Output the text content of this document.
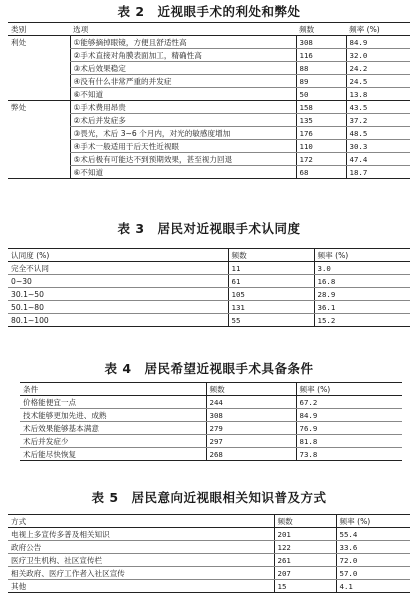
表 2　近视眼手术的利处和弊处
类别	选项	频数	频率 (%)
利处	①能够摘掉眼镜，方便且舒适性高	308	84.9
	②手术直接对角膜表面加工，精确性高	116	32.0
	③术后效果稳定	88	24.2
	④没有什么非常严重的并发症	89	24.5
	⑥不知道	50	13.8
弊处	①手术费用昂贵	158	43.5
	②术后并发症多	135	37.2
	③畏光，术后 3~6 个月内，对光的敏感度增加	176	48.5
	④手术一般适用于后天性近视眼	110	30.3
	⑤术后极有可能达不到预期效果，甚至视力回退	172	47.4
	⑥不知道	68	18.7
表 3　居民对近视眼手术认同度
认同度 (%)	频数	频率 (%)
完全不认同	11	3.0
0~30	61	16.8
30.1~50	105	28.9
50.1~80	131	36.1
80.1~100	55	15.2
表 4　居民希望近视眼手术具备条件
条件	频数	频率 (%)
价格能便宜一点	244	67.2
技术能够更加先进、成熟	308	84.9
术后效果能够基本满意	279	76.9
术后并发症少	297	81.8
术后能尽快恢复	268	73.8
表 5　居民意向近视眼相关知识普及方式
方式	频数	频率 (%)
电视上多宣传多普及相关知识	201	55.4
政府公告	122	33.6
医疗卫生机构、社区宣传栏	261	72.0
相关政府、医疗工作者入社区宣传	207	57.0
其他	15	4.1
